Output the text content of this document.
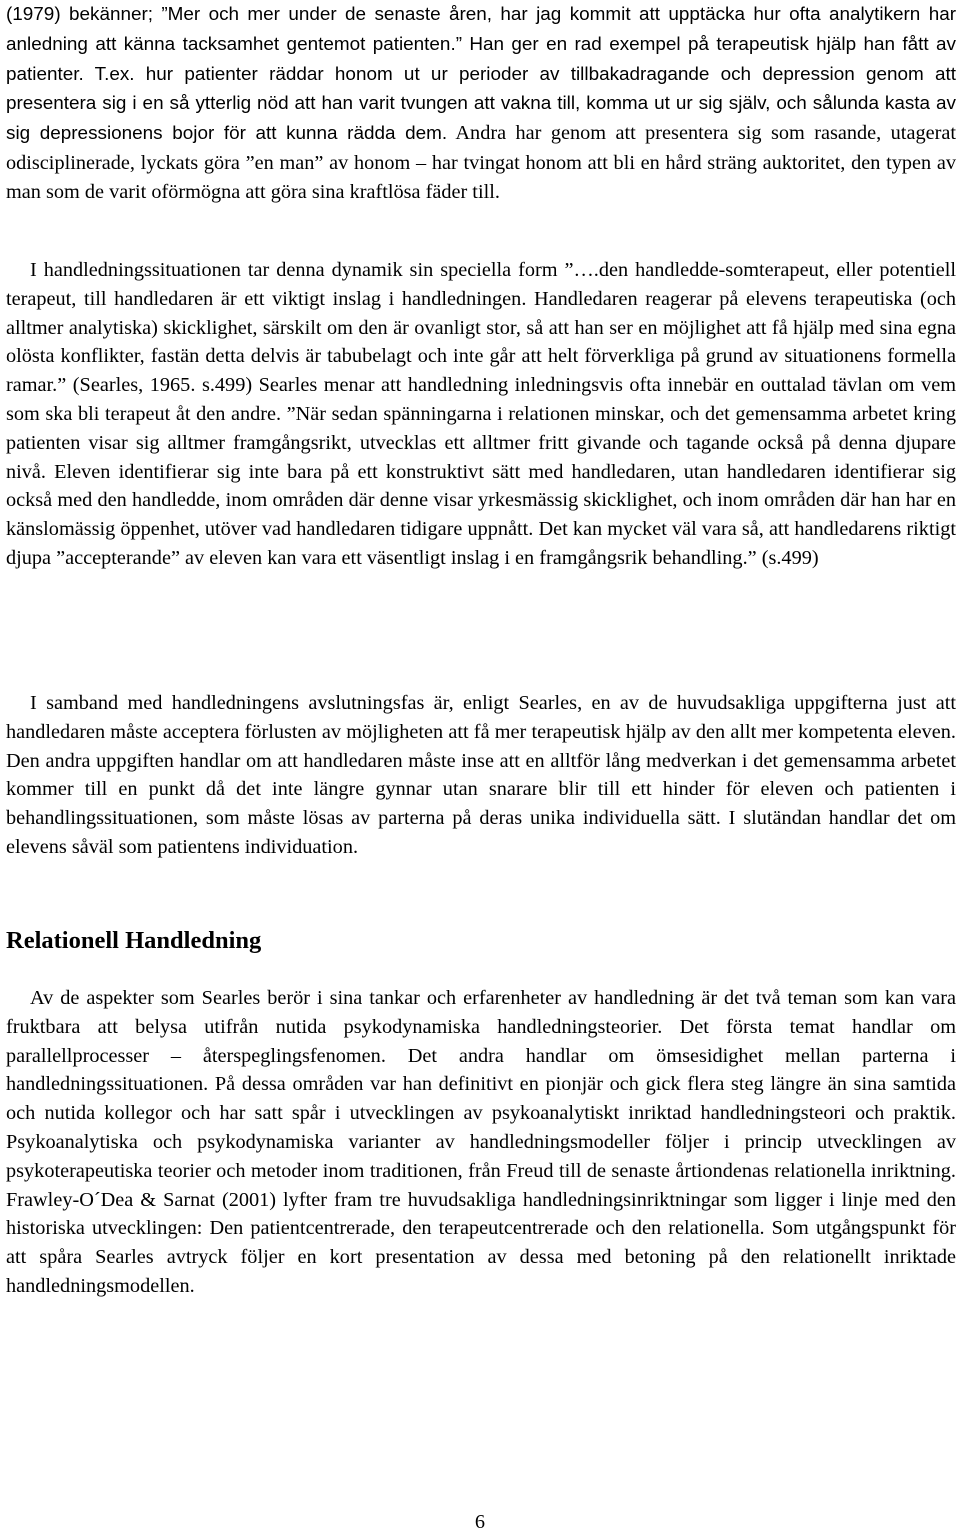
(1979) bekänner; ”Mer och mer under de senaste åren, har jag kommit att upptäcka hur ofta analytikern har anledning att känna tacksamhet gentemot patienten.” Han ger en rad exempel på terapeutisk hjälp han fått av patienter. T.ex. hur patienter räddar honom ut ur perioder av tillbakadragande och depression genom att presentera sig i en så ytterlig nöd att han varit tvungen att vakna till, komma ut ur sig själv, och sålunda kasta av sig depressionens bojor för att kunna rädda dem. Andra har genom att presentera sig som rasande, utagerat odisciplinerade, lyckats göra ”en man” av honom – har tvingat honom att bli en hård sträng auktoritet, den typen av man som de varit oförmögna att göra sina kraftlösa fäder till.

I handledningssituationen tar denna dynamik sin speciella form ”….den handledde-somterapeut, eller potentiell terapeut, till handledaren är ett viktigt inslag i handledningen. Handledaren reagerar på elevens terapeutiska (och alltmer analytiska) skicklighet, särskilt om den är ovanligt stor, så att han ser en möjlighet att få hjälp med sina egna olösta konflikter, fastän detta delvis är tabubelagt och inte går att helt förverkliga på grund av situationens formella ramar.” (Searles, 1965. s.499) Searles menar att handledning inledningsvis ofta innebär en outtalad tävlan om vem som ska bli terapeut åt den andre. ”När sedan spänningarna i relationen minskar, och det gemensamma arbetet kring patienten visar sig alltmer framgångsrikt, utvecklas ett alltmer fritt givande och tagande också på denna djupare nivå. Eleven identifierar sig inte bara på ett konstruktivt sätt med handledaren, utan handledaren identifierar sig också med den handledde, inom områden där denne visar yrkesmässig skicklighet, och inom områden där han har en känslomässig öppenhet, utöver vad handledaren tidigare uppnått. Det kan mycket väl vara så, att handledarens riktigt djupa ”accepterande” av eleven kan vara ett väsentligt inslag i en framgångsrik behandling.” (s.499)

I samband med handledningens avslutningsfas är, enligt Searles, en av de huvudsakliga uppgifterna just att handledaren måste acceptera förlusten av möjligheten att få mer terapeutisk hjälp av den allt mer kompetenta eleven. Den andra uppgiften handlar om att handledaren måste inse att en alltför lång medverkan i det gemensamma arbetet kommer till en punkt då det inte längre gynnar utan snarare blir till ett hinder för eleven och patienten i behandlingssituationen, som måste lösas av parterna på deras unika individuella sätt. I slutändan handlar det om elevens såväl som patientens individuation.

Relationell Handledning

Av de aspekter som Searles berör i sina tankar och erfarenheter av handledning är det två teman som kan vara fruktbara att belysa utifrån nutida psykodynamiska handledningsteorier. Det första temat handlar om parallellprocesser – återspeglingsfenomen. Det andra handlar om ömsesidighet mellan parterna i handledningssituationen. På dessa områden var han definitivt en pionjär och gick flera steg längre än sina samtida och nutida kollegor och har satt spår i utvecklingen av psykoanalytiskt inriktad handledningsteori och praktik. Psykoanalytiska och psykodynamiska varianter av handledningsmodeller följer i princip utvecklingen av psykoterapeutiska teorier och metoder inom traditionen, från Freud till de senaste årtiondenas relationella inriktning. Frawley-O´Dea & Sarnat (2001) lyfter fram tre huvudsakliga handledningsinriktningar som ligger i linje med den historiska utvecklingen: Den patientcentrerade, den terapeutcentrerade och den relationella. Som utgångspunkt för att spåra Searles avtryck följer en kort presentation av dessa med betoning på den relationellt inriktade handledningsmodellen.

6
